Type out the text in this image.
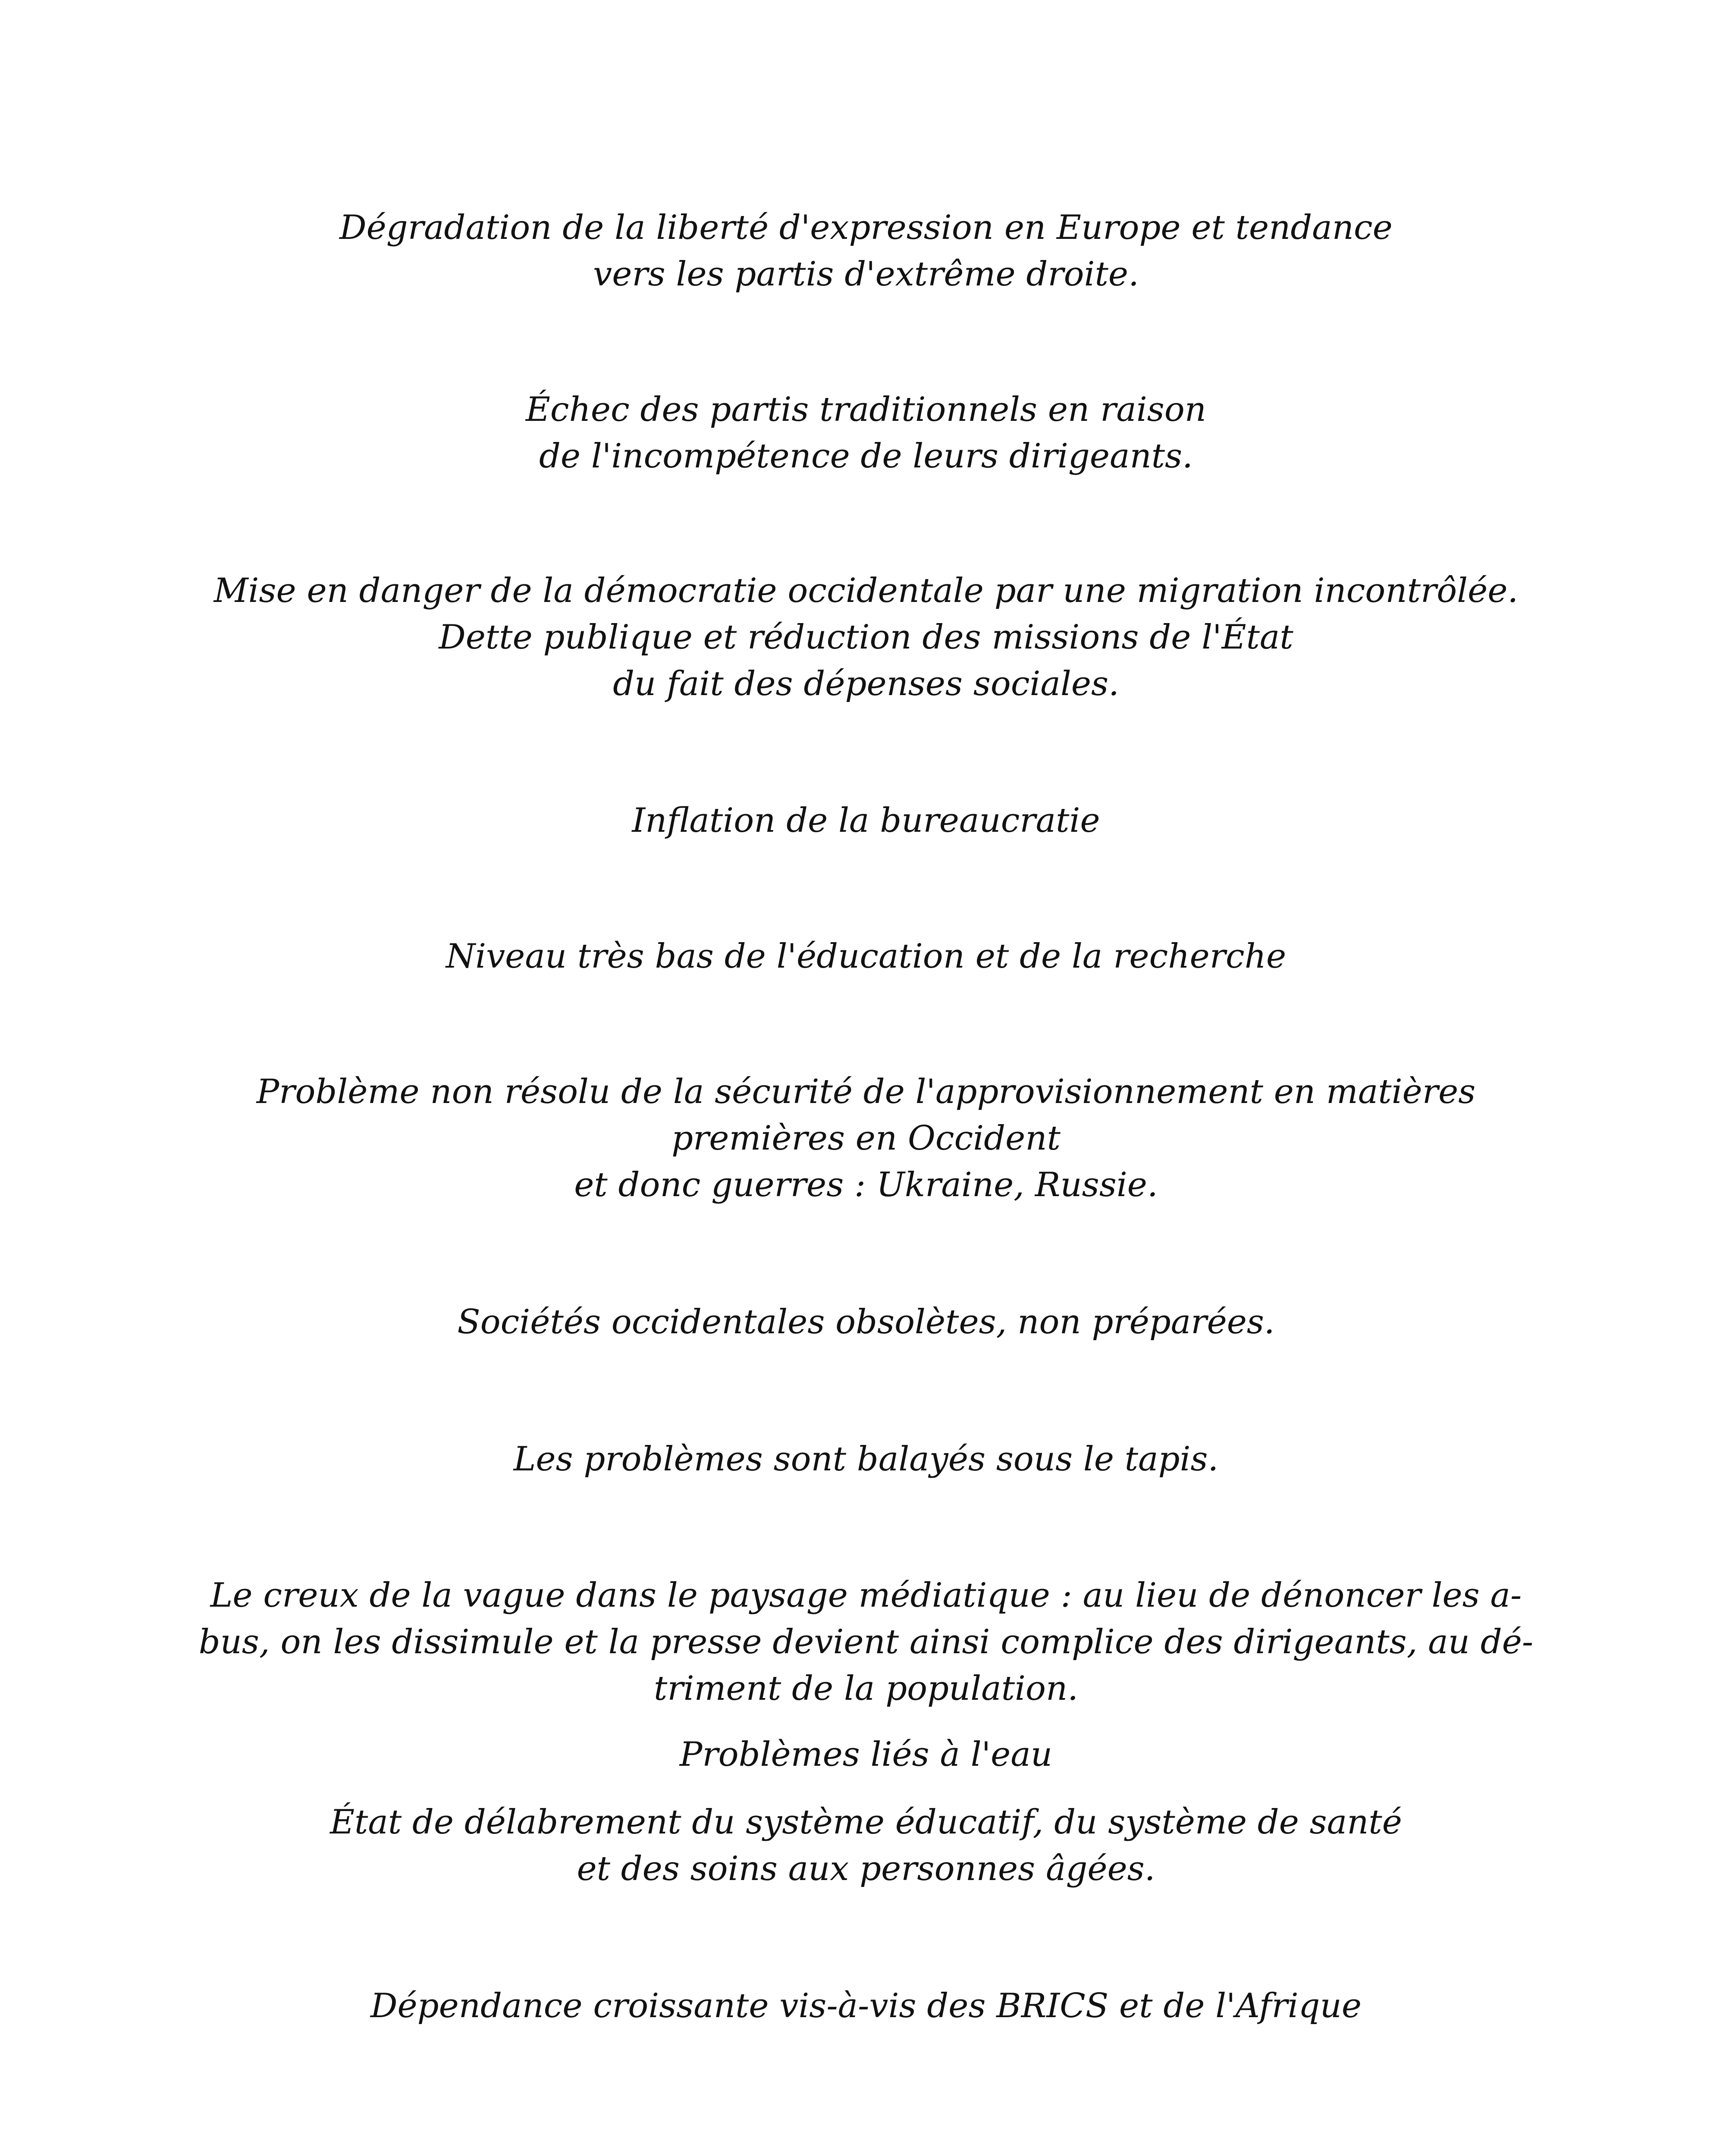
Dégradation de la liberté d'expression en Europe et tendance
vers les partis d'extrême droite.
Échec des partis traditionnels en raison
de l'incompétence de leurs dirigeants.
Mise en danger de la démocratie occidentale par une migration incontrôlée.
Dette publique et réduction des missions de l'État
du fait des dépenses sociales.
Inflation de la bureaucratie
Niveau très bas de l'éducation et de la recherche
Problème non résolu de la sécurité de l'approvisionnement en matières
premières en Occident
et donc guerres : Ukraine, Russie.
Sociétés occidentales obsolètes, non préparées.
Les problèmes sont balayés sous le tapis.
Le creux de la vague dans le paysage médiatique : au lieu de dénoncer les a-
bus, on les dissimule et la presse devient ainsi complice des dirigeants, au dé-
triment de la population.
Problèmes liés à l'eau
État de délabrement du système éducatif, du système de santé
et des soins aux personnes âgées.
Dépendance croissante vis-à-vis des BRICS et de l'Afrique
